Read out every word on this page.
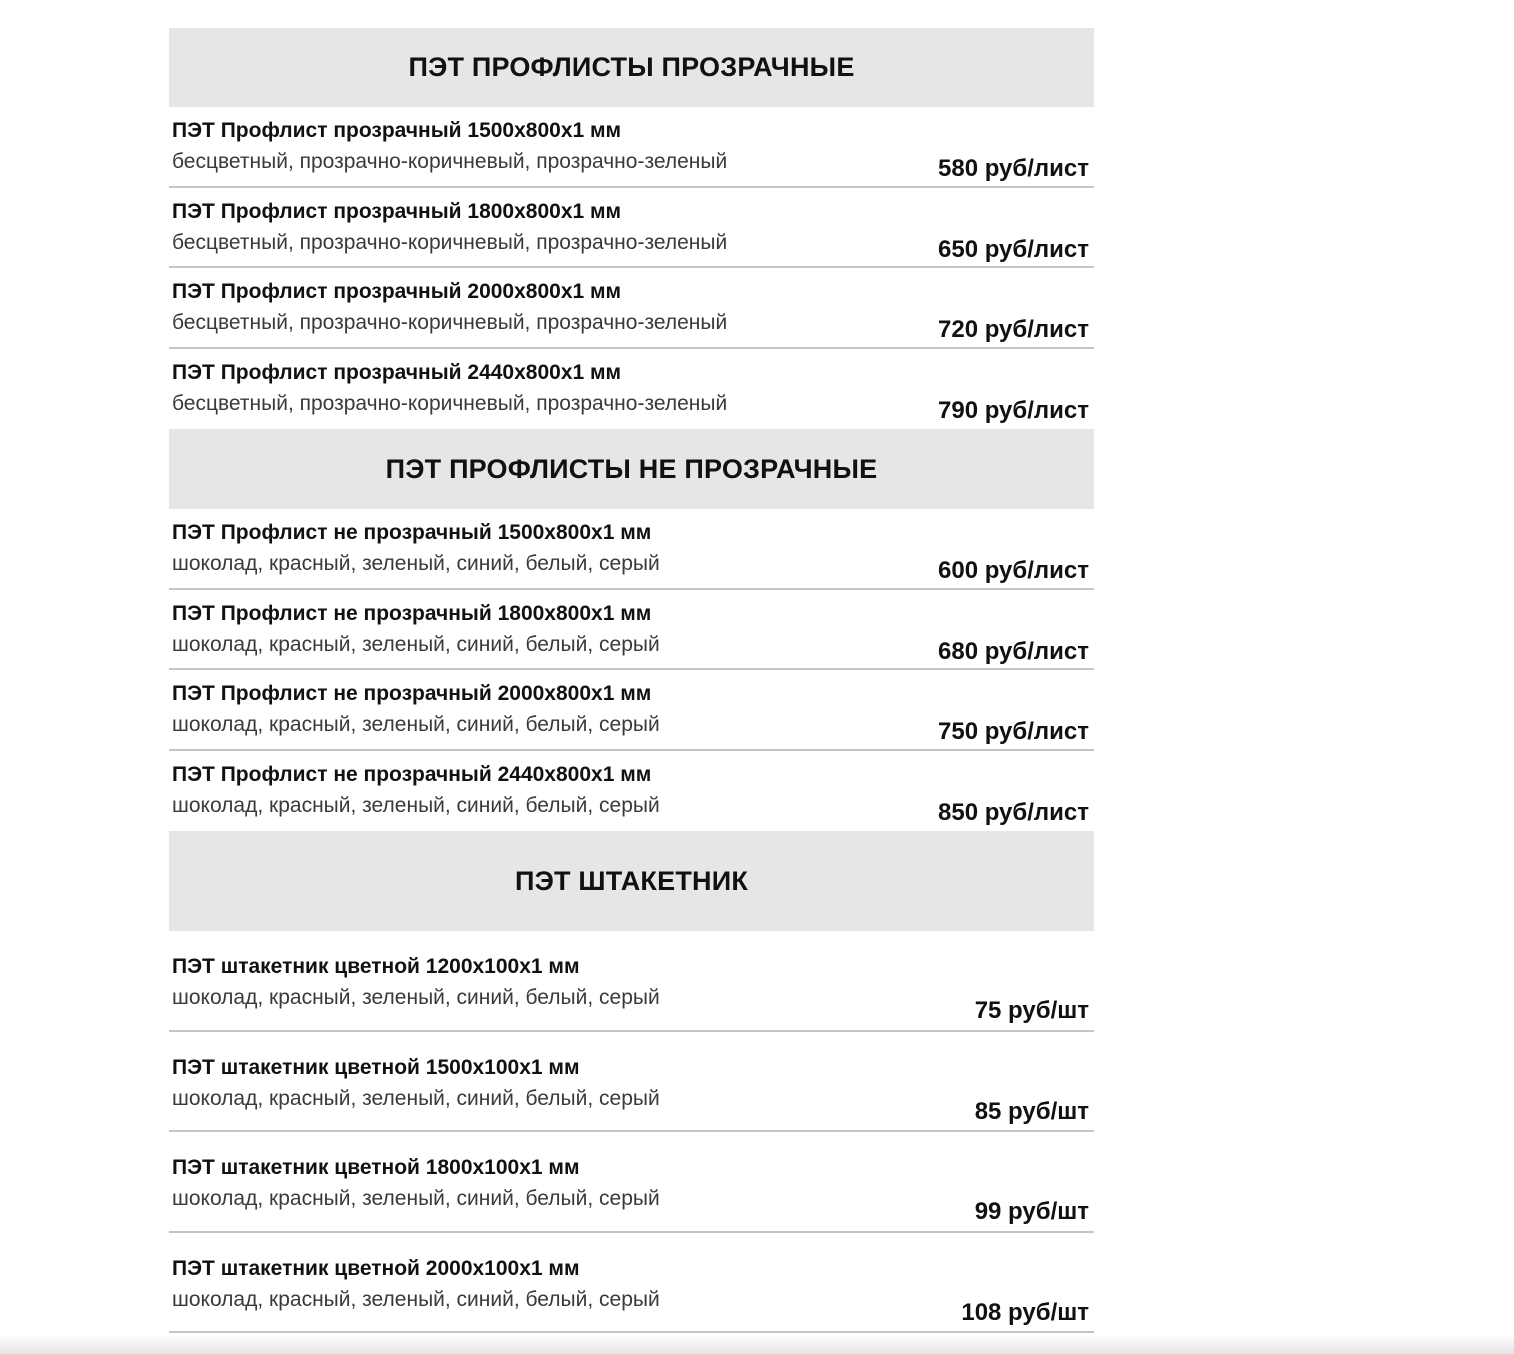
ПЭТ ПРОФЛИСТЫ ПРОЗРАЧНЫЕ
ПЭТ Профлист прозрачный 1500х800х1 мм
бесцветный, прозрачно-коричневый, прозрачно-зеленый	580 руб/лист
ПЭТ Профлист прозрачный 1800х800х1 мм
бесцветный, прозрачно-коричневый, прозрачно-зеленый	650 руб/лист
ПЭТ Профлист прозрачный 2000х800х1 мм
бесцветный, прозрачно-коричневый, прозрачно-зеленый	720 руб/лист
ПЭТ Профлист прозрачный 2440х800х1 мм
бесцветный, прозрачно-коричневый, прозрачно-зеленый	790 руб/лист
ПЭТ ПРОФЛИСТЫ НЕ ПРОЗРАЧНЫЕ
ПЭТ Профлист не прозрачный 1500х800х1 мм
шоколад, красный, зеленый, синий, белый, серый	600 руб/лист
ПЭТ Профлист не прозрачный 1800х800х1 мм
шоколад, красный, зеленый, синий, белый, серый	680 руб/лист
ПЭТ Профлист не прозрачный 2000х800х1 мм
шоколад, красный, зеленый, синий, белый, серый	750 руб/лист
ПЭТ Профлист не прозрачный 2440х800х1 мм
шоколад, красный, зеленый, синий, белый, серый	850 руб/лист
ПЭТ ШТАКЕТНИК
ПЭТ штакетник цветной 1200х100х1 мм
шоколад, красный, зеленый, синий, белый, серый	75 руб/шт
ПЭТ штакетник цветной 1500х100х1 мм
шоколад, красный, зеленый, синий, белый, серый	85 руб/шт
ПЭТ штакетник цветной 1800х100х1 мм
шоколад, красный, зеленый, синий, белый, серый	99 руб/шт
ПЭТ штакетник цветной 2000х100х1 мм
шоколад, красный, зеленый, синий, белый, серый	108 руб/шт
